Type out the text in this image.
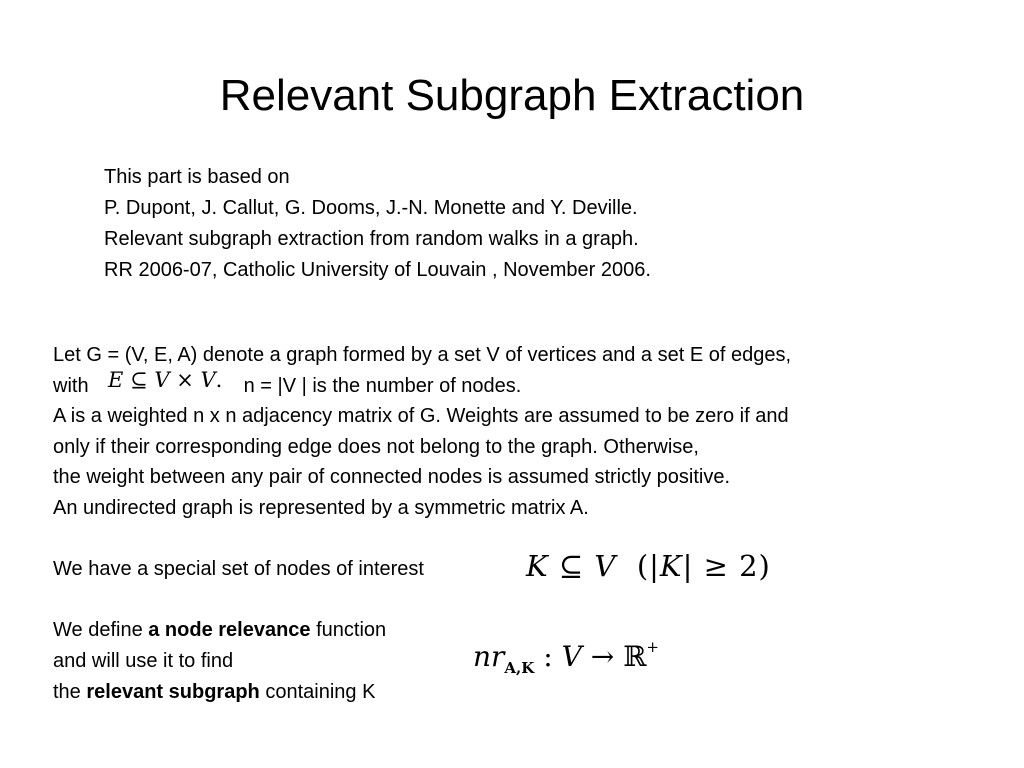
Relevant Subgraph Extraction
This part is based on
P. Dupont, J. Callut, G. Dooms, J.-N. Monette and Y. Deville.
Relevant subgraph extraction from random walks in a graph.
RR 2006-07, Catholic University of Louvain , November 2006.
Let G = (V, E, A) denote a graph formed by a set V of vertices and a set E of edges,
with	n = |V | is the number of nodes.
A is a weighted n x n adjacency matrix of G. Weights are assumed to be zero if and
only if their corresponding edge does not belong to the graph. Otherwise,
the weight between any pair of connected nodes is assumed strictly positive.
An undirected graph is represented by a symmetric matrix A.

We have a special set of nodes of interest

We define a node relevance function
and will use it to find
the relevant subgraph containing K
E ⊆ V × V.
K ⊆ V (|K| ≥ 2)
$nr_{A,K}$ : V → ℝ+
